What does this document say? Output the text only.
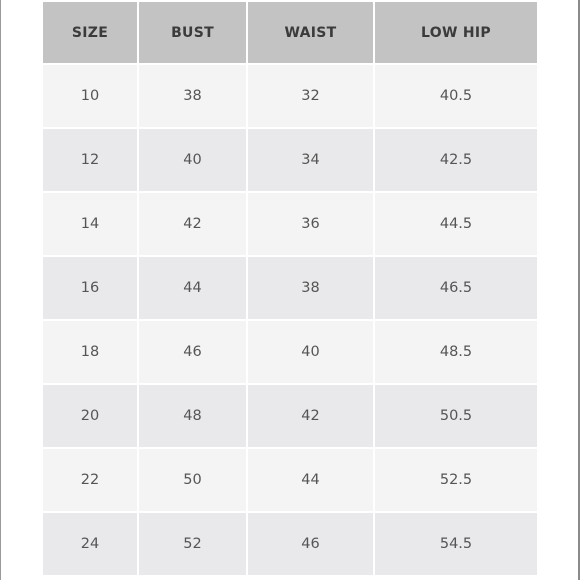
SIZE	BUST	WAIST	LOW HIP
10	38	32	40.5
12	40	34	42.5
14	42	36	44.5
16	44	38	46.5
18	46	40	48.5
20	48	42	50.5
22	50	44	52.5
24	52	46	54.5
